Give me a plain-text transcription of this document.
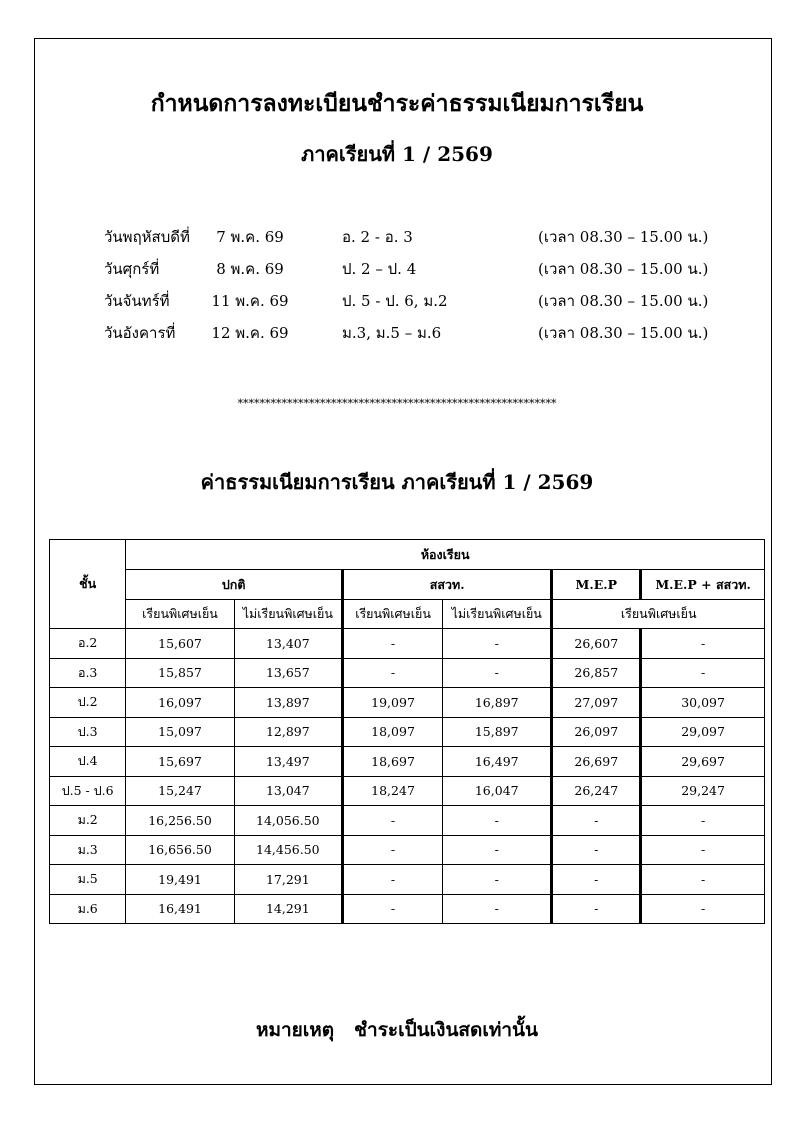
กำหนดการลงทะเบียนชำระค่าธรรมเนียมการเรียน
ภาคเรียนที่ 1 / 2569
วันพฤหัสบดีที่	7 พ.ค. 69	อ. 2 - อ. 3	(เวลา 08.30 – 15.00 น.)
วันศุกร์ที่	8 พ.ค. 69	ป. 2 – ป. 4	(เวลา 08.30 – 15.00 น.)
วันจันทร์ที่	11 พ.ค. 69	ป. 5 - ป. 6, ม.2	(เวลา 08.30 – 15.00 น.)
วันอังคารที่ 12 พ.ค. 69	ม.3, ม.5 – ม.6	(เวลา 08.30 – 15.00 น.)
**********************************************************
ค่าธรรมเนียมการเรียน ภาคเรียนที่ 1 / 2569
ชั้น	ห้องเรียน					
	ปกติ		สสวท.		M.E.P	M.E.P + สสวท.
	เรียนพิเศษเย็น	ไม่เรียนพิเศษเย็น	เรียนพิเศษเย็น	ไม่เรียนพิเศษเย็น	เรียนพิเศษเย็น	
อ.2	15,607	13,407	-	-	26,607	-
อ.3	15,857	13,657	-	-	26,857	-
ป.2	16,097	13,897	19,097	16,897	27,097	30,097
ป.3	15,097	12,897	18,097	15,897	26,097	29,097
ป.4	15,697	13,497	18,697	16,497	26,697	29,697
ป.5 - ป.6	15,247	13,047	18,247	16,047	26,247	29,247
ม.2	16,256.50	14,056.50	-	-	-	-
ม.3	16,656.50	14,456.50	-	-	-	-
ม.5	19,491	17,291	-	-	-	-
ม.6	16,491	14,291	-	-	-	-
หมายเหตุ ชำระเป็นเงินสดเท่านั้น
